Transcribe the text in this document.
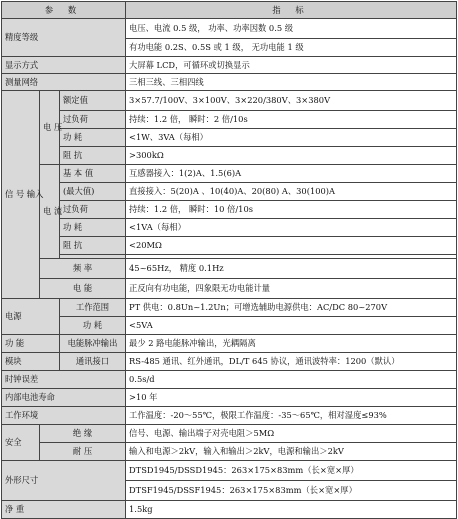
参 数			指 标
精度等级			电压、电流 0.5 级， 功率、功率因数 0.5 级
			有功电能 0.2S、0.5S 或 1 级， 无功电能 1 级
显示方式			大屏幕 LCD，可循环或切换显示
测量网络			三相三线、三相四线
信 号 输入	电 压	额定值	3×57.7/100V、3×100V、3×220/380V、3×380V
		过负荷	持续：1.2 倍， 瞬时：2 倍/10s
		功 耗	<1W、3VA（每相）
		阻 抗	>300kΩ
	电 流	基 本 值	互感器接入：1(2)A、1.5(6)A
		(最大值)	直接接入：5(20)A 、10(40)A、20(80) A、30(100)A
		过负荷	持续：1.2 倍， 瞬时：10 倍/10s
		功 耗	<1VA（每相）
		阻 抗	<20MΩ

	频 率		45~65Hz， 精度 0.1Hz
	电 能		正反向有功电能，四象限无功电能计量
电源		工作范围	PT 供电：0.8Un~1.2Un；可增选辅助电源供电：AC/DC 80~270V
		功 耗	<5VA
功 能		电能脉冲输出	最少 2 路电能脉冲输出，光耦隔离
模块		通讯接口	RS-485 通讯、红外通讯，DL/T 645 协议，通讯波特率：1200（默认）
时钟误差			0.5s/d
内部电池寿命			>10 年
工作环境			工作温度：-20～55℃，极限工作温度：-35～65℃，相对湿度≤93%
安全	绝 缘		信号、电源、输出端子对壳电阻＞5MΩ
	耐 压		输入和电源＞2kV，输入和输出＞2kV，电源和输出＞2kV
外形尺寸			DTSD1945/DSSD1945：263×175×83mm（长×宽×厚）
			DTSF1945/DSSF1945：263×175×83mm（长×宽×厚）
净 重			1.5kg
